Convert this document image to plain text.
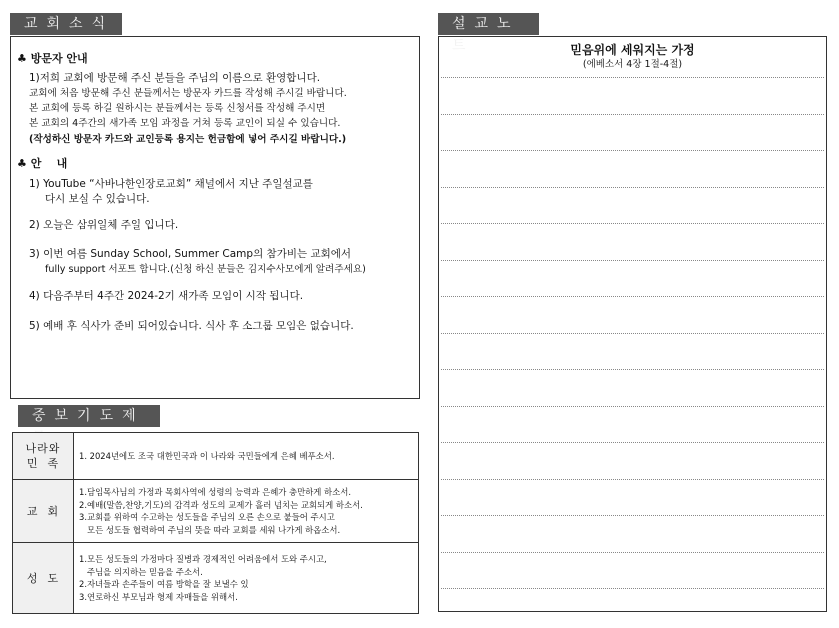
교회소식
♣ 방문자 안내
1)저희 교회에 방문해 주신 분들을 주님의 이름으로 환영합니다.
교회에 처음 방문해 주신 분들께서는 방문자 카드를 작성해 주시길 바랍니다.
본 교회에 등록 하길 원하시는 분들께서는 등록 신청서를 작성해 주시면
본 교회의 4주간의 새가족 모임 과정을 거쳐 등록 교인이 되실 수 있습니다.
(작성하신 방문자 카드와 교인등록 용지는 헌금함에 넣어 주시길 바랍니다.)
♣ 안    내
1) YouTube “사바나한인장로교회” 채널에서 지난 주일설교를
다시 보실 수 있습니다.
2) 오늘은 삼위일체 주일 입니다.
3) 이번 여름 Sunday School, Summer Camp의 참가비는 교회에서
fully support 서포트 합니다.(신청 하신 분들은 김지수사모에게 알려주세요)
4) 다음주부터 4주간 2024-2기 새가족 모임이 시작 됩니다.
5) 예배 후 식사가 준비 되어있습니다. 식사 후 소그룹 모임은 없습니다.
중보기도제
나라와
민  족	1. 2024년에도 조국 대한민국과 이 나라와 국민들에게 은혜 베푸소서.

교  회	1.담임목사님의 가정과 목회사역에 성령의 능력과 은혜가 충만하게 하소서.
2.예배(말씀,찬양,기도)의 감격과 성도의 교제가 흘러 넘치는 교회되게 하소서.
3.교회를 위하여 수고하는 성도들을 주님의 오른 손으로 붙들어 주시고
모든 성도들 협력하여 주님의 뜻을 따라 교회를 세워 나가게 하옵소서.

성  도	1.모든 성도들의 가정마다 질병과 경제적인 어려움에서 도와 주시고,
주님을 의지하는 믿음을 주소서.
2.자녀들과 손주들이 여름 방학을 잘 보낼수 있
3.연로하신 부모님과 형제 자매들을 위해서.
설교노트	믿음위에 세워지는 가정
(에베소서 4장 1절-4절)
